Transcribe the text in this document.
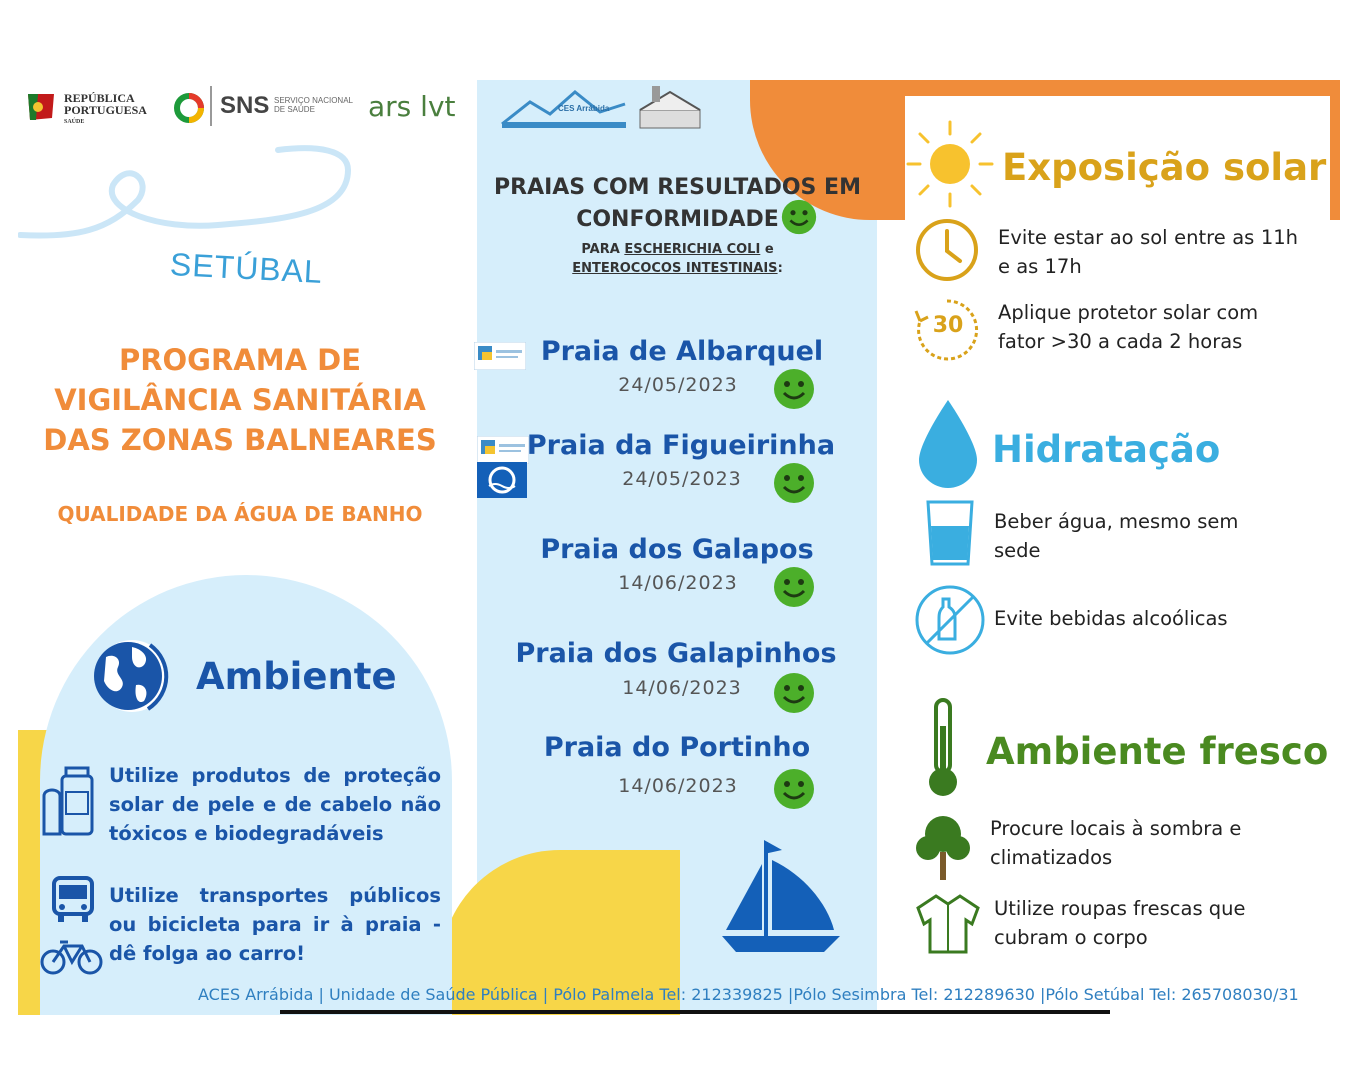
REPÚBLICA
PORTUGUESA
SAÚDE
SNS SERVIÇO NACIONAL
DE SAÚDE	ars lvt	CES Arrábida
SETÚBAL
PROGRAMA DE
VIGILÂNCIA SANITÁRIA
DAS ZONAS BALNEARES
QUALIDADE DA ÁGUA DE BANHO
Ambiente
Utilize produtos de proteção solar de pele e de cabelo não tóxicos e biodegradáveis
Utilize transportes públicos ou bicicleta para ir à praia - dê folga ao carro!
PRAIAS COM RESULTADOS EM
CONFORMIDADE
PARA ESCHERICHIA COLI e
ENTEROCOCOS INTESTINAIS:
Praia de Albarquel
24/05/2023
Praia da Figueirinha
24/05/2023
Praia dos Galapos
14/06/2023
Praia dos Galapinhos
14/06/2023
Praia do Portinho
14/06/2023
Exposição solar
Evite estar ao sol entre as 11h e as 17h
30
Aplique protetor solar com fator >30 a cada 2 horas
Hidratação
Beber água, mesmo sem sede
Evite bebidas alcoólicas
Ambiente fresco
Procure locais à sombra e climatizados
Utilize roupas frescas que cubram o corpo
ACES Arrábida | Unidade de Saúde Pública | Pólo Palmela Tel: 212339825 |Pólo Sesimbra Tel: 212289630 |Pólo Setúbal Tel: 265708030/31
